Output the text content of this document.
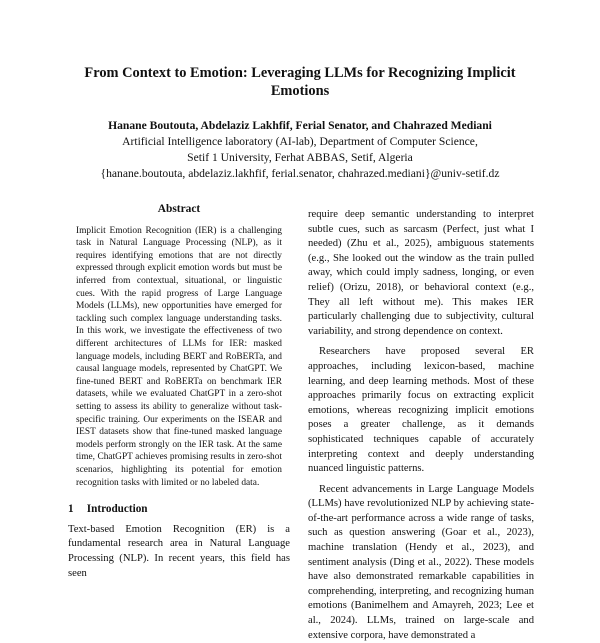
From Context to Emotion: Leveraging LLMs for Recognizing Implicit
Emotions

Hanane Boutouta, Abdelaziz Lakhfif, Ferial Senator, and Chahrazed Mediani

Artificial Intelligence laboratory (AI-lab), Department of Computer Science,

Setif 1 University, Ferhat ABBAS, Setif, Algeria

{hanane.boutouta, abdelaziz.lakhfif, ferial.senator, chahrazed.mediani}@univ-setif.dz

Abstract

Implicit Emotion Recognition (IER) is a challenging task in Natural Language Processing (NLP), as it requires identifying emotions that are not directly expressed through explicit emotion words but must be inferred from contextual, situational, or linguistic cues. With the rapid progress of Large Language Models (LLMs), new opportunities have emerged for tackling such complex language understanding tasks. In this work, we investigate the effectiveness of two different architectures of LLMs for IER: masked language models, including BERT and RoBERTa, and causal language models, represented by ChatGPT. We fine-tuned BERT and RoBERTa on benchmark IER datasets, while we evaluated ChatGPT in a zero-shot setting to assess its ability to generalize without task-specific training. Our experiments on the ISEAR and IEST datasets show that fine-tuned masked language models perform strongly on the IER task. At the same time, ChatGPT achieves promising results in zero-shot scenarios, highlighting its potential for emotion recognition tasks with limited or no labeled data.

1 Introduction

Text-based Emotion Recognition (ER) is a fundamental research area in Natural Language Processing (NLP). In recent years, this field has seen

require deep semantic understanding to interpret subtle cues, such as sarcasm (Perfect, just what I needed) (Zhu et al., 2025), ambiguous statements (e.g., She looked out the window as the train pulled away, which could imply sadness, longing, or even relief) (Orizu, 2018), or behavioral context (e.g., They all left without me). This makes IER particularly challenging due to subjectivity, cultural variability, and strong dependence on context.

Researchers have proposed several ER approaches, including lexicon-based, machine learning, and deep learning methods. Most of these approaches primarily focus on extracting explicit emotions, whereas recognizing implicit emotions poses a greater challenge, as it demands sophisticated techniques capable of accurately interpreting context and deeply understanding nuanced linguistic patterns.

Recent advancements in Large Language Models (LLMs) have revolutionized NLP by achieving state-of-the-art performance across a wide range of tasks, such as question answering (Goar et al., 2023), machine translation (Hendy et al., 2023), and sentiment analysis (Ding et al., 2022). These models have also demonstrated remarkable capabilities in comprehending, interpreting, and recognizing human emotions (Banimelhem and Amayreh, 2023; Lee et al., 2024). LLMs, trained on large-scale and extensive corpora, have demonstrated a
